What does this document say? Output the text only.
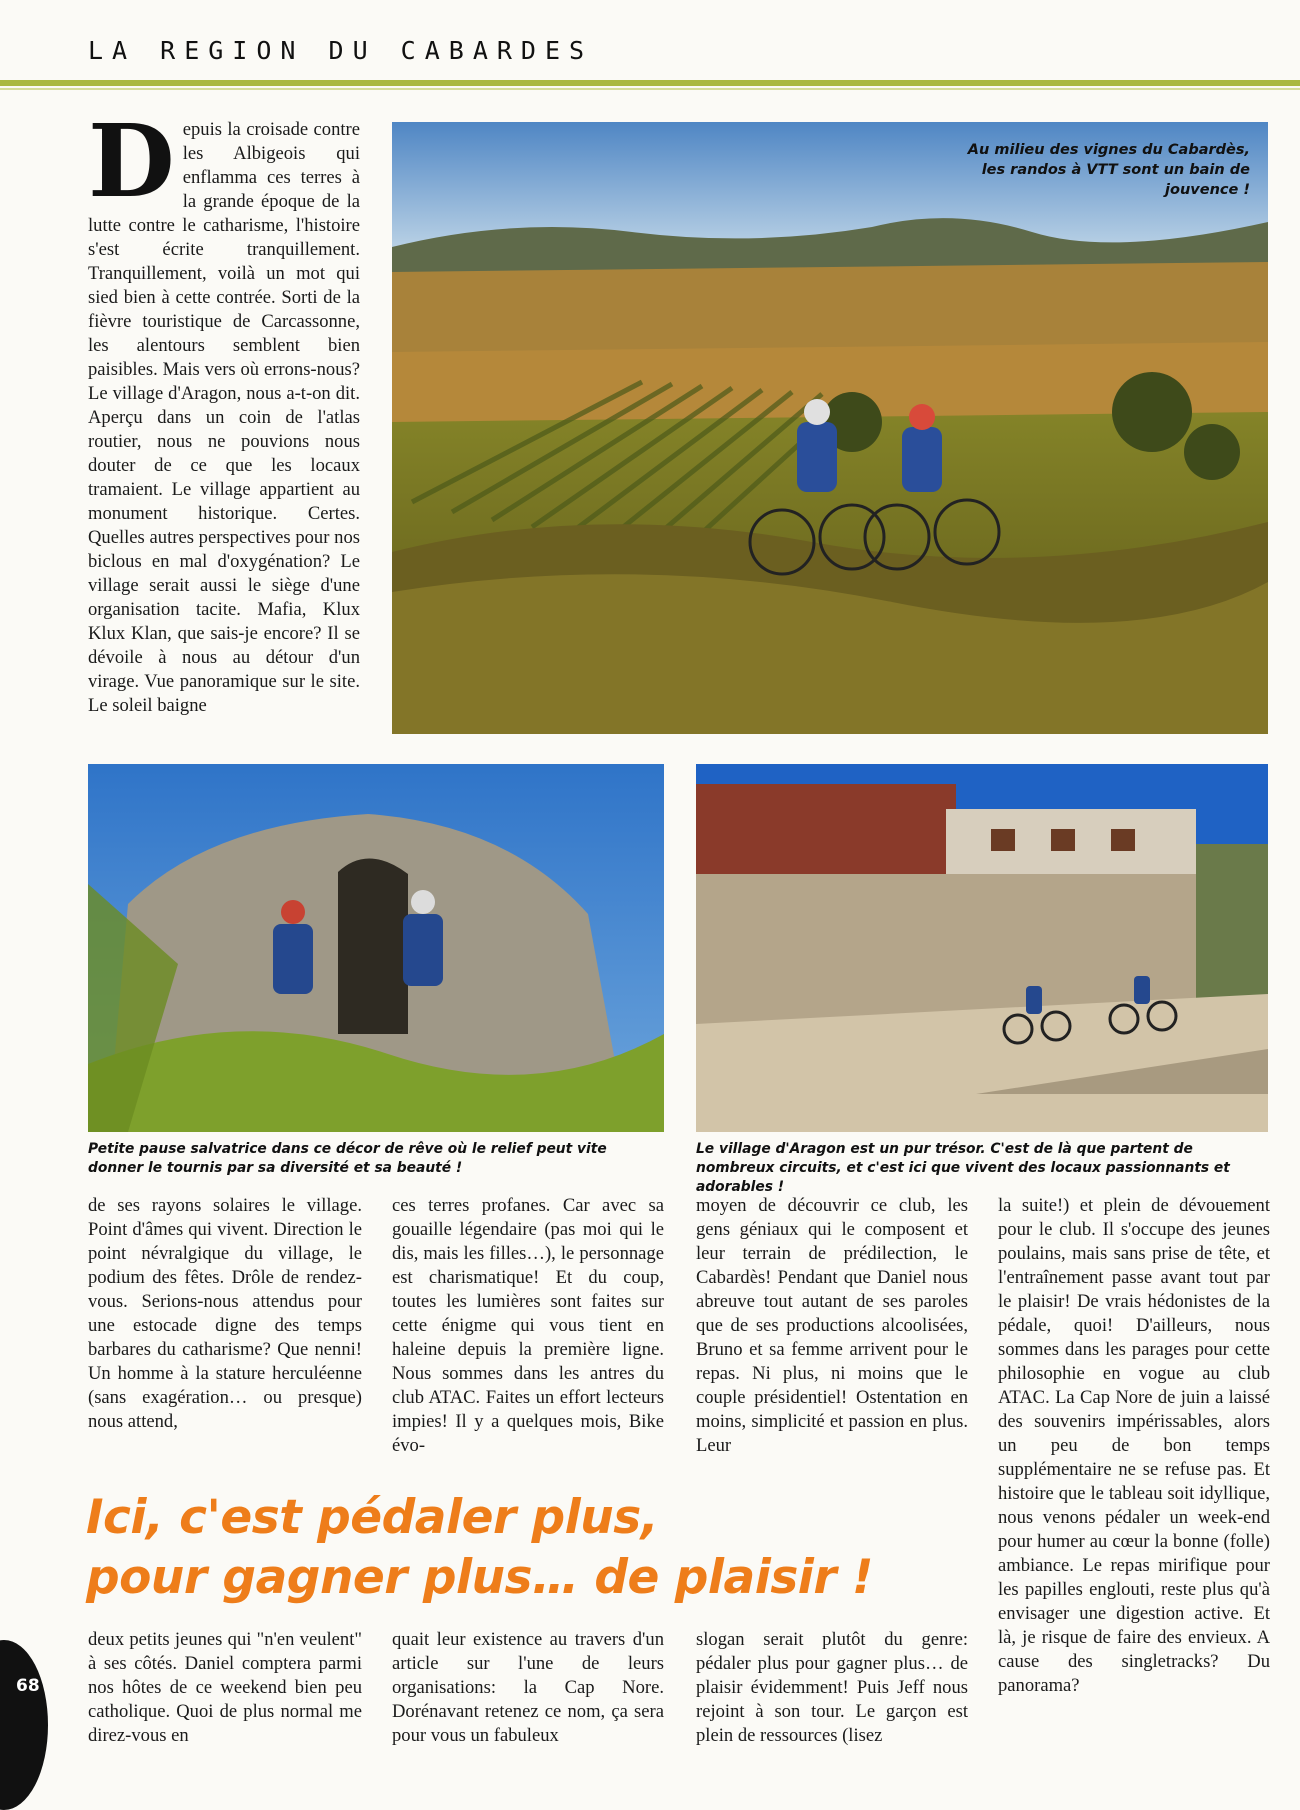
LA REGION DU CABARDES
D epuis la croisade contre les Albigeois qui enflamma ces terres à la grande époque de la lutte contre le catharisme, l'histoire s'est écrite tranquillement. Tranquillement, voilà un mot qui sied bien à cette contrée. Sorti de la fièvre touristique de Carcassonne, les alentours semblent bien paisibles. Mais vers où errons-nous? Le village d'Aragon, nous a-t-on dit. Aperçu dans un coin de l'atlas routier, nous ne pouvions nous douter de ce que les locaux tramaient. Le village appartient au monument historique. Certes. Quelles autres perspectives pour nos biclous en mal d'oxygénation? Le village serait aussi le siège d'une organisation tacite. Mafia, Klux Klux Klan, que sais-je encore? Il se dévoile à nous au détour d'un virage. Vue panoramique sur le site. Le soleil baigne
Au milieu des vignes du Cabardès, les randos à VTT sont un bain de jouvence !
Petite pause salvatrice dans ce décor de rêve où le relief peut vite donner le tournis par sa diversité et sa beauté !
Le village d'Aragon est un pur trésor. C'est de là que partent de nombreux circuits, et c'est ici que vivent des locaux passionnants et adorables !
de ses rayons solaires le village. Point d'âmes qui vivent. Direction le point névralgique du village, le podium des fêtes. Drôle de rendez-vous. Serions-nous attendus pour une estocade digne des temps barbares du catharisme? Que nenni! Un homme à la stature herculéenne (sans exagération… ou presque) nous attend,
ces terres profanes. Car avec sa gouaille légendaire (pas moi qui le dis, mais les filles…), le personnage est charismatique! Et du coup, toutes les lumières sont faites sur cette énigme qui vous tient en haleine depuis la première ligne. Nous sommes dans les antres du club ATAC. Faites un effort lecteurs impies! Il y a quelques mois, Bike évo-
moyen de découvrir ce club, les gens géniaux qui le composent et leur terrain de prédilection, le Cabardès! Pendant que Daniel nous abreuve tout autant de ses paroles que de ses productions alcoolisées, Bruno et sa femme arrivent pour le repas. Ni plus, ni moins que le couple présidentiel! Ostentation en moins, simplicité et passion en plus. Leur
la suite!) et plein de dévouement pour le club. Il s'occupe des jeunes poulains, mais sans prise de tête, et l'entraînement passe avant tout par le plaisir! De vrais hédonistes de la pédale, quoi! D'ailleurs, nous sommes dans les parages pour cette philosophie en vogue au club ATAC. La Cap Nore de juin a laissé des souvenirs impérissables, alors un peu de bon temps supplémentaire ne se refuse pas. Et histoire que le tableau soit idyllique, nous venons pédaler un week-end pour humer au cœur la bonne (folle) ambiance. Le repas mirifique pour les papilles englouti, reste plus qu'à envisager une digestion active. Et là, je risque de faire des envieux. A cause des singletracks? Du panorama?
Ici, c'est pédaler plus,
pour gagner plus… de plaisir !
deux petits jeunes qui "n'en veulent" à ses côtés. Daniel comptera parmi nos hôtes de ce weekend bien peu catholique. Quoi de plus normal me direz-vous en
quait leur existence au travers d'un article sur l'une de leurs organisations: la Cap Nore. Dorénavant retenez ce nom, ça sera pour vous un fabuleux
slogan serait plutôt du genre: pédaler plus pour gagner plus… de plaisir évidemment! Puis Jeff nous rejoint à son tour. Le garçon est plein de ressources (lisez
68
